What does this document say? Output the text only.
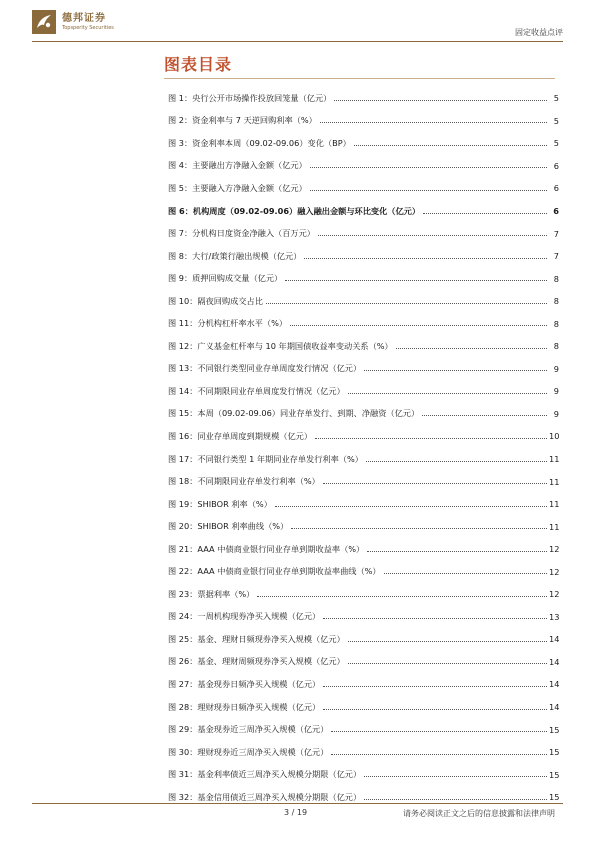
德邦证券
Topsperity Securities
固定收益点评
图表目录
图 1：央行公开市场操作投放回笼量（亿元）	5
图 2：资金利率与 7 天逆回购利率（%）	5
图 3：资金利率本周（09.02-09.06）变化（BP）	5
图 4：主要融出方净融入金额（亿元）	6
图 5：主要融入方净融入金额（亿元）	6
图 6：机构周度（09.02-09.06）融入融出金额与环比变化（亿元）	6
图 7：分机构日度资金净融入（百万元）	7
图 8：大行/政策行融出规模（亿元）	7
图 9：质押回购成交量（亿元）	8
图 10：隔夜回购成交占比	8
图 11：分机构杠杆率水平（%）	8
图 12：广义基金杠杆率与 10 年期国债收益率变动关系（%）	8
图 13：不同银行类型同业存单周度发行情况（亿元）	9
图 14：不同期限同业存单周度发行情况（亿元）	9
图 15：本周（09.02-09.06）同业存单发行、到期、净融资（亿元）	9
图 16：同业存单周度到期规模（亿元）	10
图 17：不同银行类型 1 年期同业存单发行利率（%）	11
图 18：不同期限同业存单发行利率（%）	11
图 19：SHIBOR 利率（%）	11
图 20：SHIBOR 利率曲线（%）	11
图 21：AAA 中债商业银行同业存单到期收益率（%）	12
图 22：AAA 中债商业银行同业存单到期收益率曲线（%）	12
图 23：票据利率（%）	12
图 24：一周机构现券净买入规模（亿元）	13
图 25：基金、理财日频现券净买入规模（亿元）	14
图 26：基金、理财周频现券净买入规模（亿元）	14
图 27：基金现券日频净买入规模（亿元）	14
图 28：理财现券日频净买入规模（亿元）	14
图 29：基金现券近三周净买入规模（亿元）	15
图 30：理财现券近三周净买入规模（亿元）	15
图 31：基金利率债近三周净买入规模分期限（亿元）	15
图 32：基金信用债近三周净买入规模分期限（亿元）	15
3 / 19	请务必阅读正文之后的信息披露和法律声明
